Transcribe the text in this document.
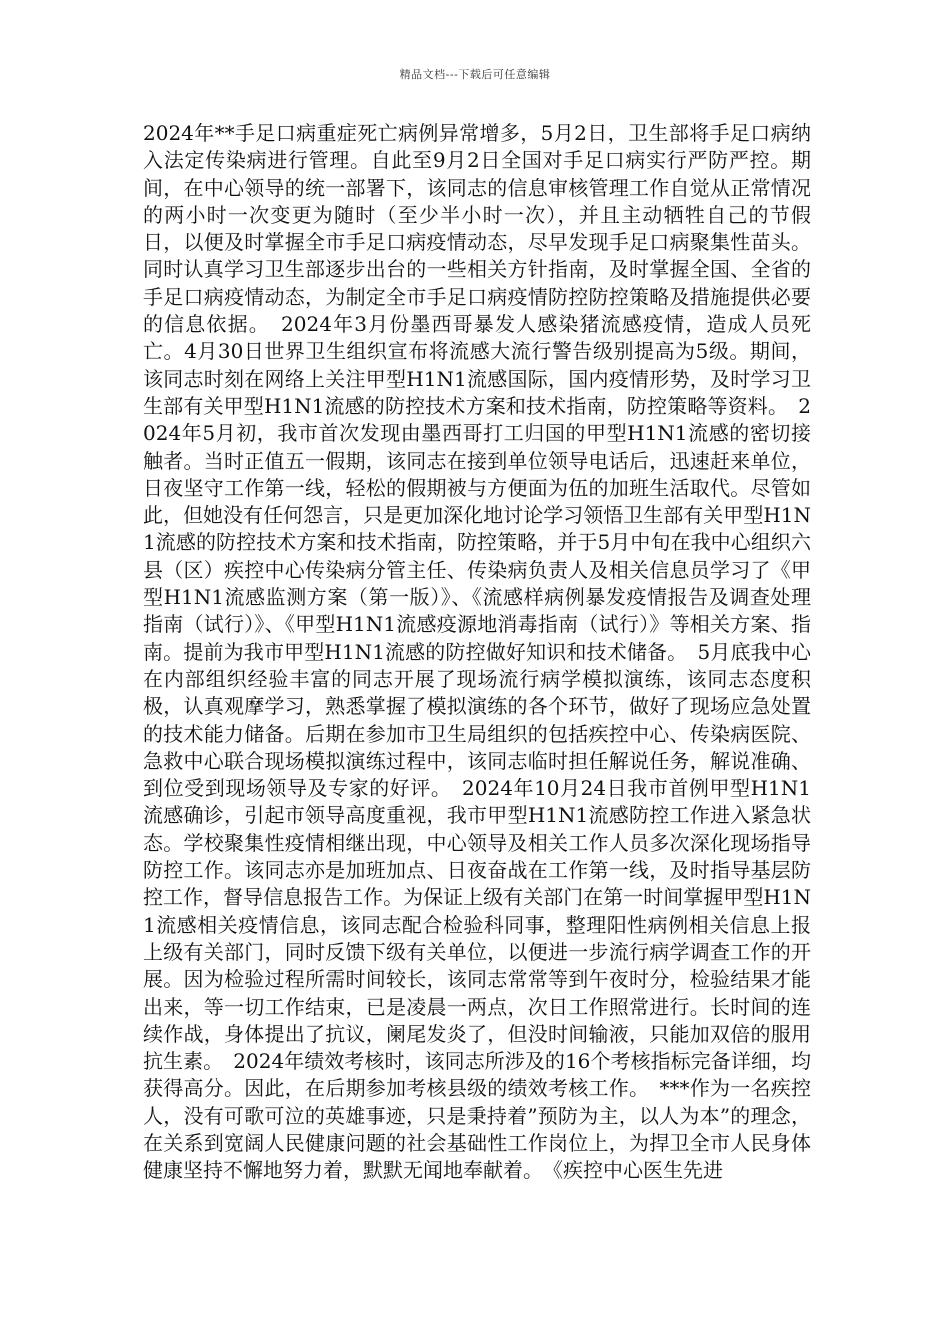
精品文档---下载后可任意编辑

2024年**手足口病重症死亡病例异常增多，5月2日，卫生部将手足口病纳入法定传染病进行管理。自此至9月2日全国对手足口病实行严防严控。期间，在中心领导的统一部署下，该同志的信息审核管理工作自觉从正常情况的两小时一次变更为随时（至少半小时一次），并且主动牺牲自己的节假日，以便及时掌握全市手足口病疫情动态，尽早发现手足口病聚集性苗头。同时认真学习卫生部逐步出台的一些相关方针指南，及时掌握全国、全省的手足口病疫情动态，为制定全市手足口病疫情防控防控策略及措施提供必要的信息依据。　2024年3月份墨西哥暴发人感染猪流感疫情，造成人员死亡。4月30日世界卫生组织宣布将流感大流行警告级别提高为5级。期间，该同志时刻在网络上关注甲型H1N1流感国际，国内疫情形势，及时学习卫生部有关甲型H1N1流感的防控技术方案和技术指南，防控策略等资料。　2024年5月初，我市首次发现由墨西哥打工归国的甲型H1N1流感的密切接触者。当时正值五一假期，该同志在接到单位领导电话后，迅速赶来单位，日夜坚守工作第一线，轻松的假期被与方便面为伍的加班生活取代。尽管如此，但她没有任何怨言，只是更加深化地讨论学习领悟卫生部有关甲型H1N1流感的防控技术方案和技术指南，防控策略，并于5月中旬在我中心组织六县（区）疾控中心传染病分管主任、传染病负责人及相关信息员学习了《甲型H1N1流感监测方案（第一版）》、《流感样病例暴发疫情报告及调查处理指南（试行）》、《甲型H1N1流感疫源地消毒指南（试行）》等相关方案、指南。提前为我市甲型H1N1流感的防控做好知识和技术储备。　5月底我中心在内部组织经验丰富的同志开展了现场流行病学模拟演练，该同志态度积极，认真观摩学习，熟悉掌握了模拟演练的各个环节，做好了现场应急处置的技术能力储备。后期在参加市卫生局组织的包括疾控中心、传染病医院、急救中心联合现场模拟演练过程中，该同志临时担任解说任务，解说准确、到位受到现场领导及专家的好评。　2024年10月24日我市首例甲型H1N1流感确诊，引起市领导高度重视，我市甲型H1N1流感防控工作进入紧急状态。学校聚集性疫情相继出现，中心领导及相关工作人员多次深化现场指导防控工作。该同志亦是加班加点、日夜奋战在工作第一线，及时指导基层防控工作，督导信息报告工作。为保证上级有关部门在第一时间掌握甲型H1N1流感相关疫情信息，该同志配合检验科同事，整理阳性病例相关信息上报上级有关部门，同时反馈下级有关单位，以便进一步流行病学调查工作的开展。因为检验过程所需时间较长，该同志常常等到午夜时分，检验结果才能出来，等一切工作结束，已是凌晨一两点，次日工作照常进行。长时间的连续作战，身体提出了抗议，阑尾发炎了，但没时间输液，只能加双倍的服用抗生素。　2024年绩效考核时，该同志所涉及的16个考核指标完备详细，均获得高分。因此，在后期参加考核县级的绩效考核工作。　***作为一名疾控人，没有可歌可泣的英雄事迹，只是秉持着”预防为主，以人为本”的理念，在关系到宽阔人民健康问题的社会基础性工作岗位上，为捍卫全市人民身体健康坚持不懈地努力着，默默无闻地奉献着。　《疾控中心医生先进
